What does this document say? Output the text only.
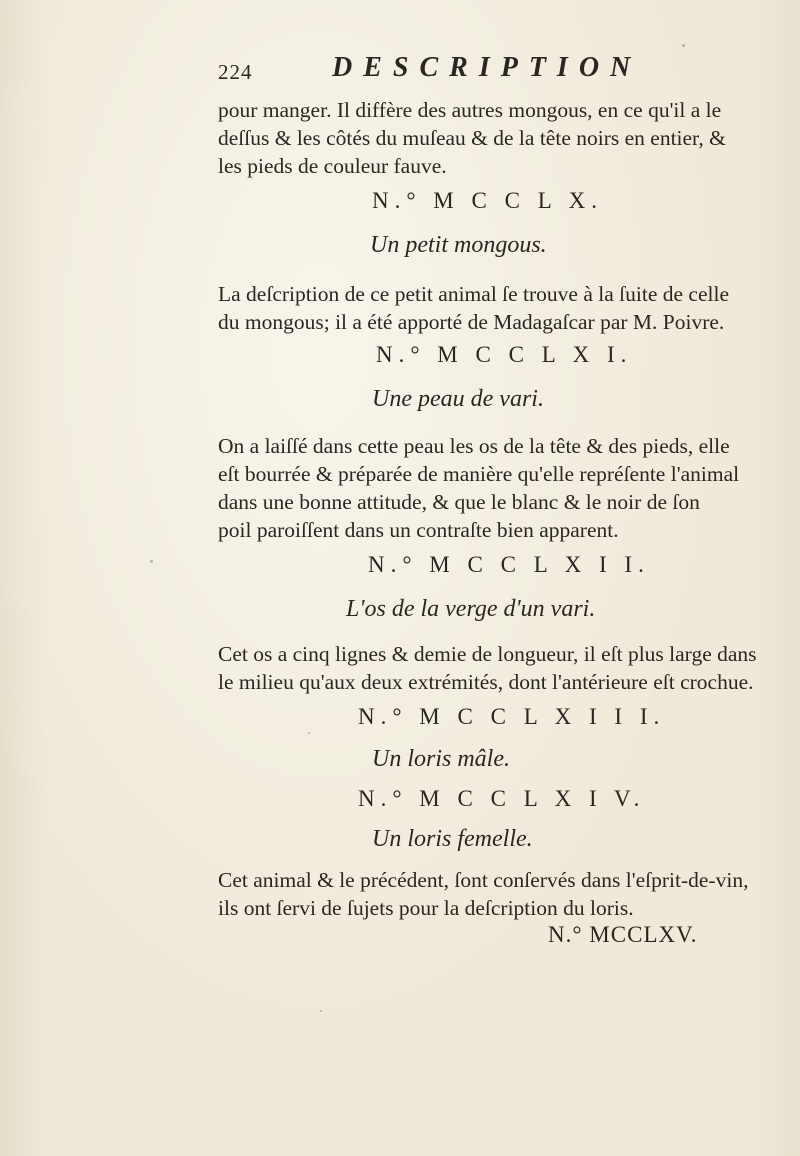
224	DESCRIPTION
pour manger. Il diffère des autres mongous, en ce qu'il a le
deſſus & les côtés du muſeau & de la tête noirs en entier, &
les pieds de couleur fauve.
N.° M C C L X.
Un petit mongous.
La deſcription de ce petit animal ſe trouve à la ſuite de celle
du mongous; il a été apporté de Madagaſcar par M. Poivre.
N.° M C C L X I.
Une peau de vari.
On a laiſſé dans cette peau les os de la tête & des pieds, elle
eſt bourrée & préparée de manière qu'elle repréſente l'animal
dans une bonne attitude, & que le blanc & le noir de ſon
poil paroiſſent dans un contraſte bien apparent.
N.° M C C L X I I.
L'os de la verge d'un vari.
Cet os a cinq lignes & demie de longueur, il eſt plus large dans
le milieu qu'aux deux extrémités, dont l'antérieure eſt crochue.
N.° M C C L X I I I.
Un loris mâle.
N.° M C C L X I V.
Un loris femelle.
Cet animal & le précédent, ſont conſervés dans l'eſprit-de-vin,
ils ont ſervi de ſujets pour la deſcription du loris.
N.° MCCLXV.
